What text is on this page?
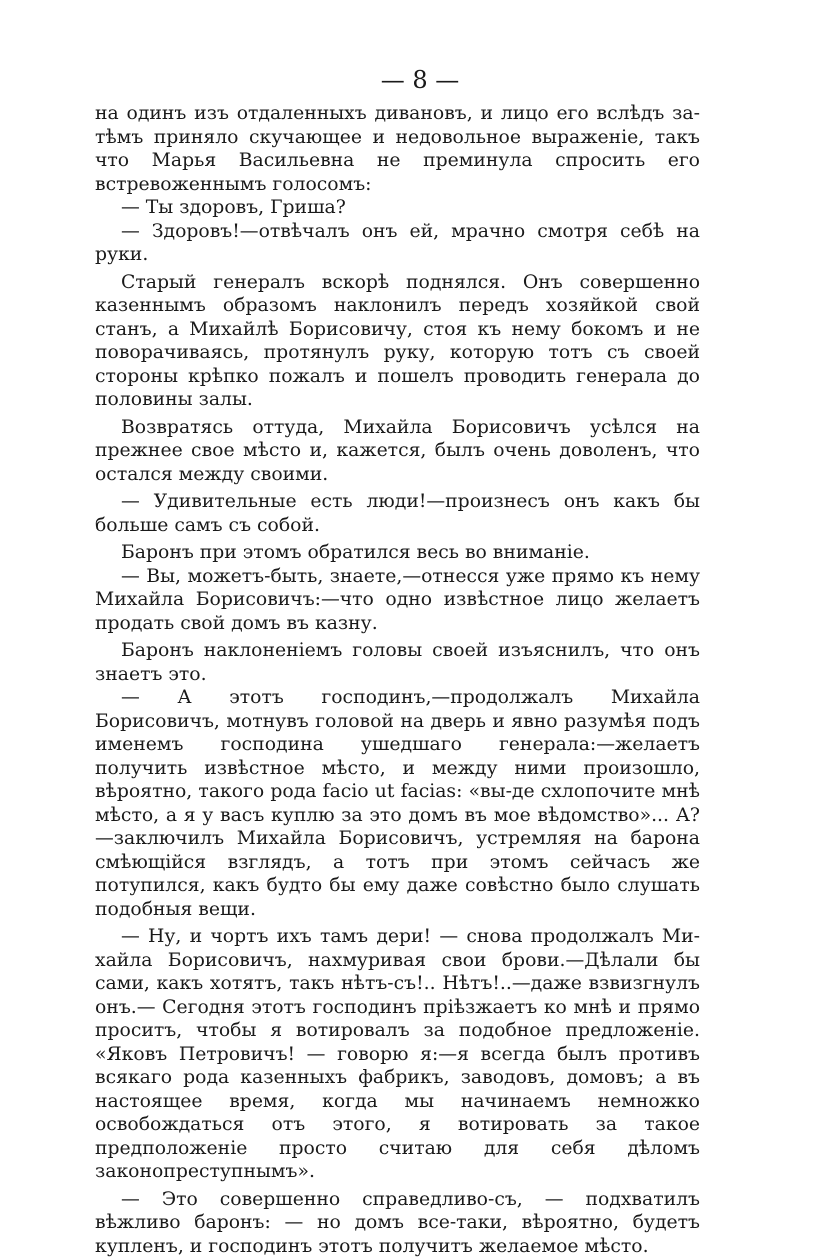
— 8 —

на одинъ изъ отдаленныхъ дивановъ, и лицо его вслѣдъ затѣмъ приняло скучающее и недовольное выраженіе, такъ что Марья Васильевна не преминула спросить его встревоженнымъ голосомъ:

— Ты здоровъ, Гриша?

— Здоровъ!—отвѣчалъ онъ ей, мрачно смотря себѣ на руки.

Старый генералъ вскорѣ поднялся. Онъ совершенно казеннымъ образомъ наклонилъ передъ хозяйкой свой станъ, а Михайлѣ Борисовичу, стоя къ нему бокомъ и не поворачиваясь, протянулъ руку, которую тотъ съ своей стороны крѣпко пожалъ и пошелъ проводить генерала до половины залы.

Возвратясь оттуда, Михайла Борисовичъ усѣлся на прежнее свое мѣсто и, кажется, былъ очень доволенъ, что остался между своими.

— Удивительные есть люди!—произнесъ онъ какъ бы больше самъ съ собой.

Баронъ при этомъ обратился весь во вниманіе.

— Вы, можетъ-быть, знаете,—отнесся уже прямо къ нему Михайла Борисовичъ:—что одно извѣстное лицо желаетъ продать свой домъ въ казну.

Баронъ наклоненіемъ головы своей изъяснилъ, что онъ знаетъ это.

— А этотъ господинъ,—продолжалъ Михайла Борисовичъ, мотнувъ головой на дверь и явно разумѣя подъ именемъ господина ушедшаго генерала:—желаетъ получить извѣстное мѣсто, и между ними произошло, вѣроятно, такого рода facio ut facias: «вы-де схлопочите мнѣ мѣсто, а я у васъ куплю за это домъ въ мое вѣдомство»... А?—заключилъ Михайла Борисовичъ, устремляя на барона смѣющійся взглядъ, а тотъ при этомъ сейчасъ же потупился, какъ будто бы ему даже совѣстно было слушать подобныя вещи.

— Ну, и чортъ ихъ тамъ дери! — снова продолжалъ Михайла Борисовичъ, нахмуривая свои брови.—Дѣлали бы сами, какъ хотятъ, такъ нѣтъ-съ!.. Нѣтъ!..—даже взвизгнулъ онъ.— Сегодня этотъ господинъ пріѣзжаетъ ко мнѣ и прямо проситъ, чтобы я вотировалъ за подобное предложеніе. «Яковъ Петровичъ! — говорю я:—я всегда былъ противъ всякаго рода казенныхъ фабрикъ, заводовъ, домовъ; а въ настоящее время, когда мы начинаемъ немножко освобождаться отъ этого, я вотировать за такое предположеніе просто считаю для себя дѣломъ законопреступнымъ».

— Это совершенно справедливо-съ, — подхватилъ вѣжливо баронъ: — но домъ все-таки, вѣроятно, будетъ купленъ, и господинъ этотъ получитъ желаемое мѣсто.
